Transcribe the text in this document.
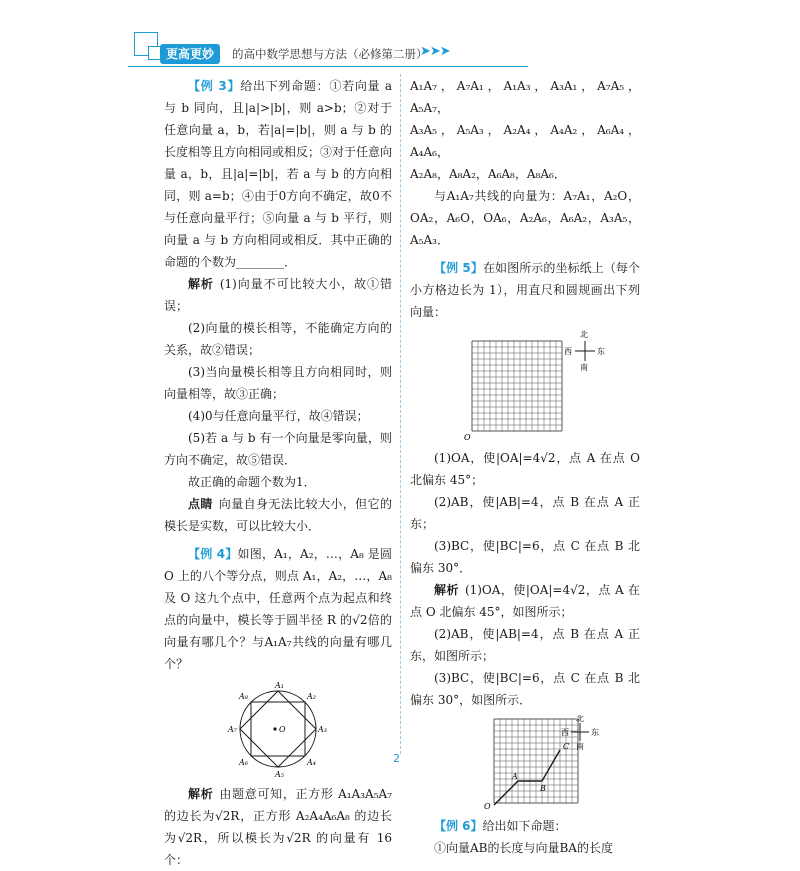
更高更妙	的高中数学思想与方法（必修第二册）
➤➤➤

【例 3】给出下列命题：①若向量 a 与 b 同向，且|a|>|b|，则 a>b；②对于任意向量 a，b，若|a|=|b|，则 a 与 b 的长度相等且方向相同或相反；③对于任意向量 a，b，且|a|=|b|，若 a 与 b 的方向相同，则 a=b；④由于0方向不确定，故0不与任意向量平行；⑤向量 a 与 b 平行，则向量 a 与 b 方向相同或相反．其中正确的命题的个数为________．

解析 (1)向量不可比较大小，故①错误；

(2)向量的模长相等，不能确定方向的关系，故②错误；

(3)当向量模长相等且方向相同时，则向量相等，故③正确；

(4)0与任意向量平行，故④错误；

(5)若 a 与 b 有一个向量是零向量，则方向不确定，故⑤错误．

故正确的命题个数为1．

点睛 向量自身无法比较大小，但它的模长是实数，可以比较大小．

【例 4】如图，A₁，A₂，…，A₈ 是圆 O 上的八个等分点，则点 A₁，A₂，…，A₈ 及 O 这九个点中，任意两个点为起点和终点的向量中，模长等于圆半径 R 的√2倍的向量有哪几个？与A₁A₇共线的向量有哪几个？

A₁
A₂
A₃
A₄
A₅
A₆
A₇
A₈
O

解析 由题意可知，正方形 A₁A₃A₅A₇ 的边长为√2R，正方形 A₂A₄A₆A₈ 的边长为√2R，所以模长为√2R 的向量有 16 个：

A₁A₇，A₇A₁，A₁A₃，A₃A₁，A₇A₅，A₅A₇，

A₃A₅，A₅A₃，A₂A₄，A₄A₂，A₆A₄，A₄A₆，

A₂A₈，A₈A₂，A₆A₈，A₈A₆．

与A₁A₇共线的向量为：A₇A₁，A₂O，OA₂，A₆O，OA₆，A₂A₆，A₆A₂，A₃A₅，A₅A₃．

【例 5】在如图所示的坐标纸上（每个小方格边长为 1），用直尺和圆规画出下列向量：

O
北
南
西	东

(1)OA，使|OA|=4√2，点 A 在点 O 北偏东 45°；

(2)AB，使|AB|=4，点 B 在点 A 正东；

(3)BC，使|BC|=6，点 C 在点 B 北偏东 30°．

解析 (1)OA，使|OA|=4√2，点 A 在点 O 北偏东 45°，如图所示；

(2)AB，使|AB|=4，点 B 在点 A 正东，如图所示；

(3)BC，使|BC|=6，点 C 在点 B 北偏东 30°，如图所示．

O
A
B
C
北
南
西	东

【例 6】给出如下命题：

①向量AB的长度与向量BA的长度

2
